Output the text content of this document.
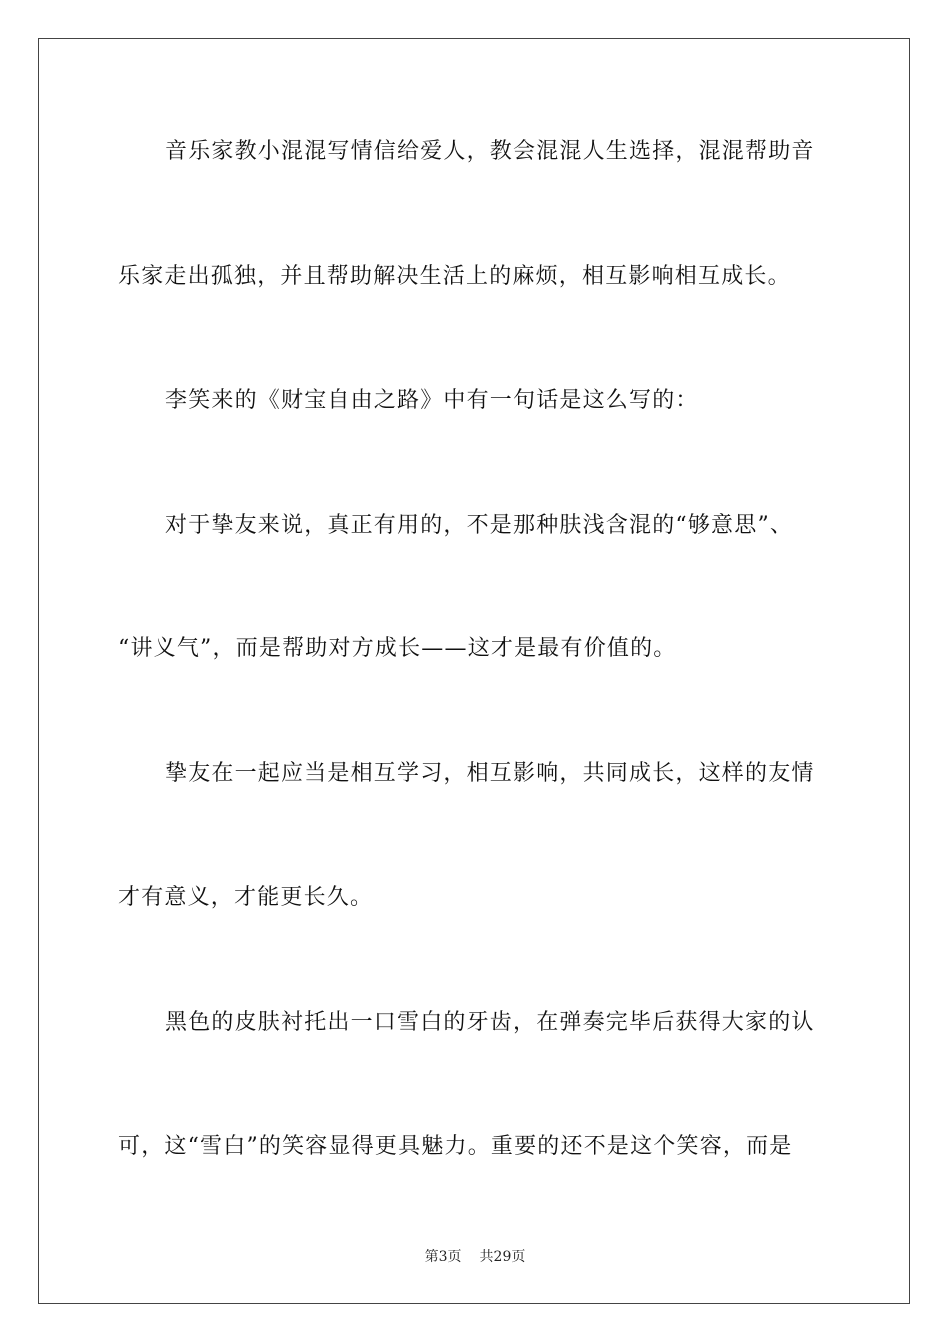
音乐家教小混混写情信给爱人，教会混混人生选择，混混帮助音
乐家走出孤独，并且帮助解决生活上的麻烦，相互影响相互成长。
李笑来的《财宝自由之路》中有一句话是这么写的：
对于挚友来说，真正有用的，不是那种肤浅含混的“够意思”、
“讲义气”，而是帮助对方成长——这才是最有价值的。
挚友在一起应当是相互学习，相互影响，共同成长，这样的友情
才有意义，才能更长久。
黑色的皮肤衬托出一口雪白的牙齿，在弹奏完毕后获得大家的认
可，这“雪白”的笑容显得更具魅力。重要的还不是这个笑容，而是
第3页 共29页
